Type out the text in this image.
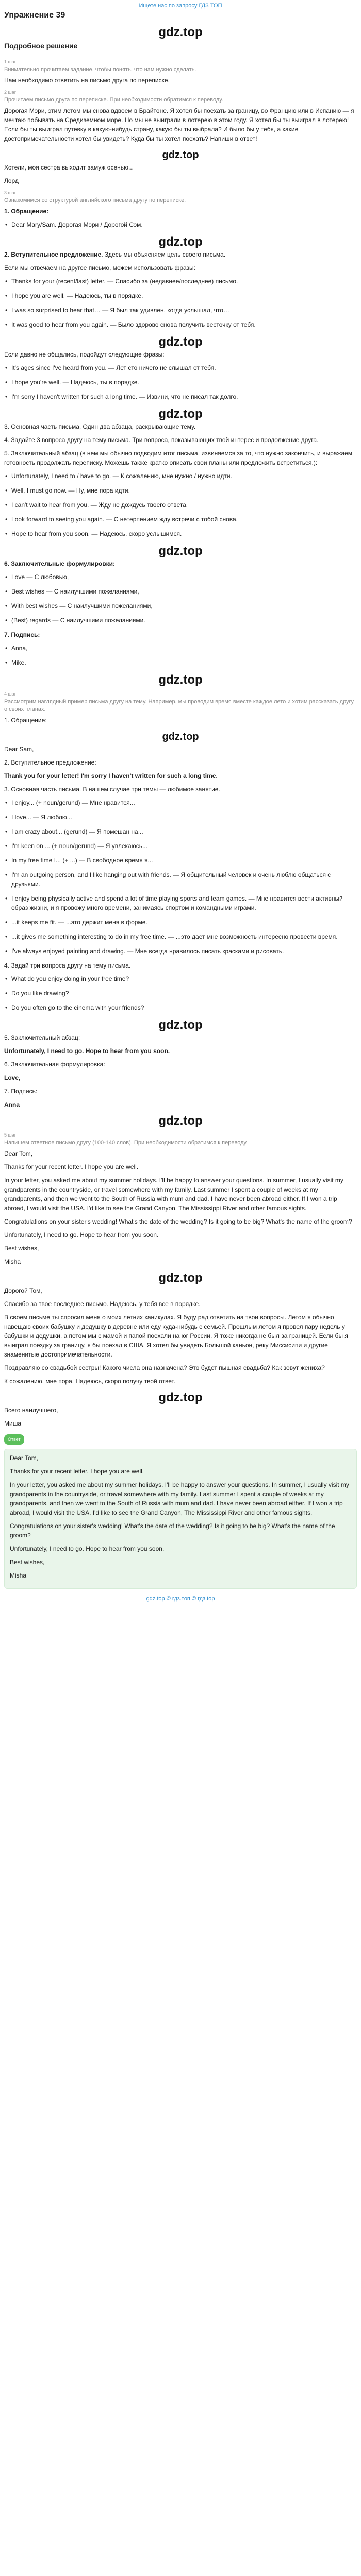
Ищете нас по запросу ГДЗ ТОП
Упражнение 39
gdz.top
Подробное решение
1 шаг
Внимательно прочитаем задание, чтобы понять, что нам нужно сделать.

Нам необходимо ответить на письмо друга по переписке.

2 шаг
Прочитаем письмо друга по переписке. При необходимости обратимся к переводу.

Дорогая Мэри, этим летом мы снова вдвоем в Брайтоне. Я хотел бы поехать за границу, во Францию или в Испанию — я мечтаю побывать на Средиземном море. Но мы не выиграли в лотерею в этом году. Я хотел бы ты выиграл в лотерею! Если бы ты выиграл путевку в какую-нибудь страну, какую бы ты выбрала? И было бы у тебя, а какие достопримечательности хотел бы увидеть? Куда бы ты хотел поехать? Напиши в ответ!

gdz.top

Хотели, моя сестра выходит замуж осенью...

Лорд

3 шаг
Ознакомимся со структурой английского письма другу по переписке.

1. Обращение:

• Dear Mary/Sam. Дорогая Мэри / Дорогой Сэм.
gdz.top

2. Вступительное предложение. Здесь мы объясняем цель своего письма.

Если мы отвечаем на другое письмо, можем использовать фразы:

• Thanks for your (recent/last) letter. — Спасибо за (недавнее/последнее) письмо.
• I hope you are well. — Надеюсь, ты в порядке.
• I was so surprised to hear that… — Я был так удивлен, когда услышал, что…
• It was good to hear from you again. — Было здорово снова получить весточку от тебя.
gdz.top

Если давно не общались, подойдут следующие фразы:

• It's ages since I've heard from you. — Лет сто ничего не слышал от тебя.
• I hope you're well. — Надеюсь, ты в порядке.
• I'm sorry I haven't written for such a long time. — Извини, что не писал так долго.
gdz.top

3. Основная часть письма. Один два абзаца, раскрывающие тему.

4. Задайте 3 вопроса другу на тему письма. Три вопроса, показывающих твой интерес и продолжение друга.

5. Заключительный абзац (в нем мы обычно подводим итог письма, извиняемся за то, что нужно закончить, и выражаем готовность продолжать переписку. Можешь также кратко описать свои планы или предложить встретиться.):

• Unfortunately, I need to / have to go. — К сожалению, мне нужно / нужно идти.
• Well, I must go now. — Ну, мне пора идти.
• I can't wait to hear from you. — Жду не дождусь твоего ответа.
• Look forward to seeing you again. — С нетерпением жду встречи с тобой снова.
• Hope to hear from you soon. — Надеюсь, скоро услышимся.
gdz.top

6. Заключительные формулировки:

• Love — С любовью,
• Best wishes — С наилучшими пожеланиями,
• With best wishes — С наилучшими пожеланиями,
• (Best) regards — С наилучшими пожеланиями.

7. Подпись:

• Anna,
• Mike.
gdz.top
4 шаг
Рассмотрим наглядный пример письма другу на тему. Например, мы проводим время вместе каждое лето и хотим рассказать другу о своих планах.

1. Обращение:

gdz.top

Dear Sam,

2. Вступительное предложение:

Thank you for your letter! I'm sorry I haven't written for such a long time.

3. Основная часть письма. В нашем случае три темы — любимое занятие.

• I enjoy... (+ noun/gerund) — Мне нравится...
• I love... — Я люблю...
• I am crazy about... (gerund) — Я помешан на...
• I'm keen on ... (+ noun/gerund) — Я увлекаюсь...
• In my free time I... (+ ...) — В свободное время я...
• I'm an outgoing person, and I like hanging out with friends. — Я общительный человек и очень люблю общаться с друзьями.
• I enjoy being physically active and spend a lot of time playing sports and team games. — Мне нравится вести активный образ жизни, и я провожу много времени, занимаясь спортом и командными играми.
• ...it keeps me fit. — ...это держит меня в форме.
• ...it gives me something interesting to do in my free time. — ...это дает мне возможность интересно провести время.
• I've always enjoyed painting and drawing. — Мне всегда нравилось писать красками и рисовать.

4. Задай три вопроса другу на тему письма.

• What do you enjoy doing in your free time?
• Do you like drawing?
• Do you often go to the cinema with your friends?
gdz.top

5. Заключительный абзац:

Unfortunately, I need to go. Hope to hear from you soon.

6. Заключительная формулировка:

Love,

7. Подпись:

Anna

gdz.top
5 шаг
Напишем ответное письмо другу (100-140 слов). При необходимости обратимся к переводу.

Dear Tom,

Thanks for your recent letter. I hope you are well.

In your letter, you asked me about my summer holidays. I'll be happy to answer your questions. In summer, I usually visit my grandparents in the countryside, or travel somewhere with my family. Last summer I spent a couple of weeks at my grandparents, and then we went to the South of Russia with mum and dad. I have never been abroad either. If I won a trip abroad, I would visit the USA. I'd like to see the Grand Canyon, The Mississippi River and other famous sights.

Congratulations on your sister's wedding! What's the date of the wedding? Is it going to be big? What's the name of the groom?

Unfortunately, I need to go. Hope to hear from you soon.

Best wishes,

Misha

gdz.top

Дорогой Том,

Спасибо за твое последнее письмо. Надеюсь, у тебя все в порядке.

В своем письме ты спросил меня о моих летних каникулах. Я буду рад ответить на твои вопросы. Летом я обычно навещаю своих бабушку и дедушку в деревне или еду куда-нибудь с семьей. Прошлым летом я провел пару недель у бабушки и дедушки, а потом мы с мамой и папой поехали на юг России. Я тоже никогда не был за границей. Если бы я выиграл поездку за границу, я бы поехал в США. Я хотел бы увидеть Большой каньон, реку Миссисипи и другие знаменитые достопримечательности.

Поздравляю со свадьбой сестры! Какого числа она назначена? Это будет пышная свадьба? Как зовут жениха?

К сожалению, мне пора. Надеюсь, скоро получу твой ответ.

gdz.top

Всего наилучшего,

Миша

Ответ

Dear Tom,

Thanks for your recent letter. I hope you are well.

In your letter, you asked me about my summer holidays. I'll be happy to answer your questions. In summer, I usually visit my grandparents in the countryside, or travel somewhere with my family. Last summer I spent a couple of weeks at my grandparents, and then we went to the South of Russia with mum and dad. I have never been abroad either. If I won a trip abroad, I would visit the USA. I'd like to see the Grand Canyon, The Mississippi River and other famous sights.

Congratulations on your sister's wedding! What's the date of the wedding? Is it going to be big? What's the name of the groom?

Unfortunately, I need to go. Hope to hear from you soon.

Best wishes,

Misha

gdz.top © гдз.топ © гдз.top
